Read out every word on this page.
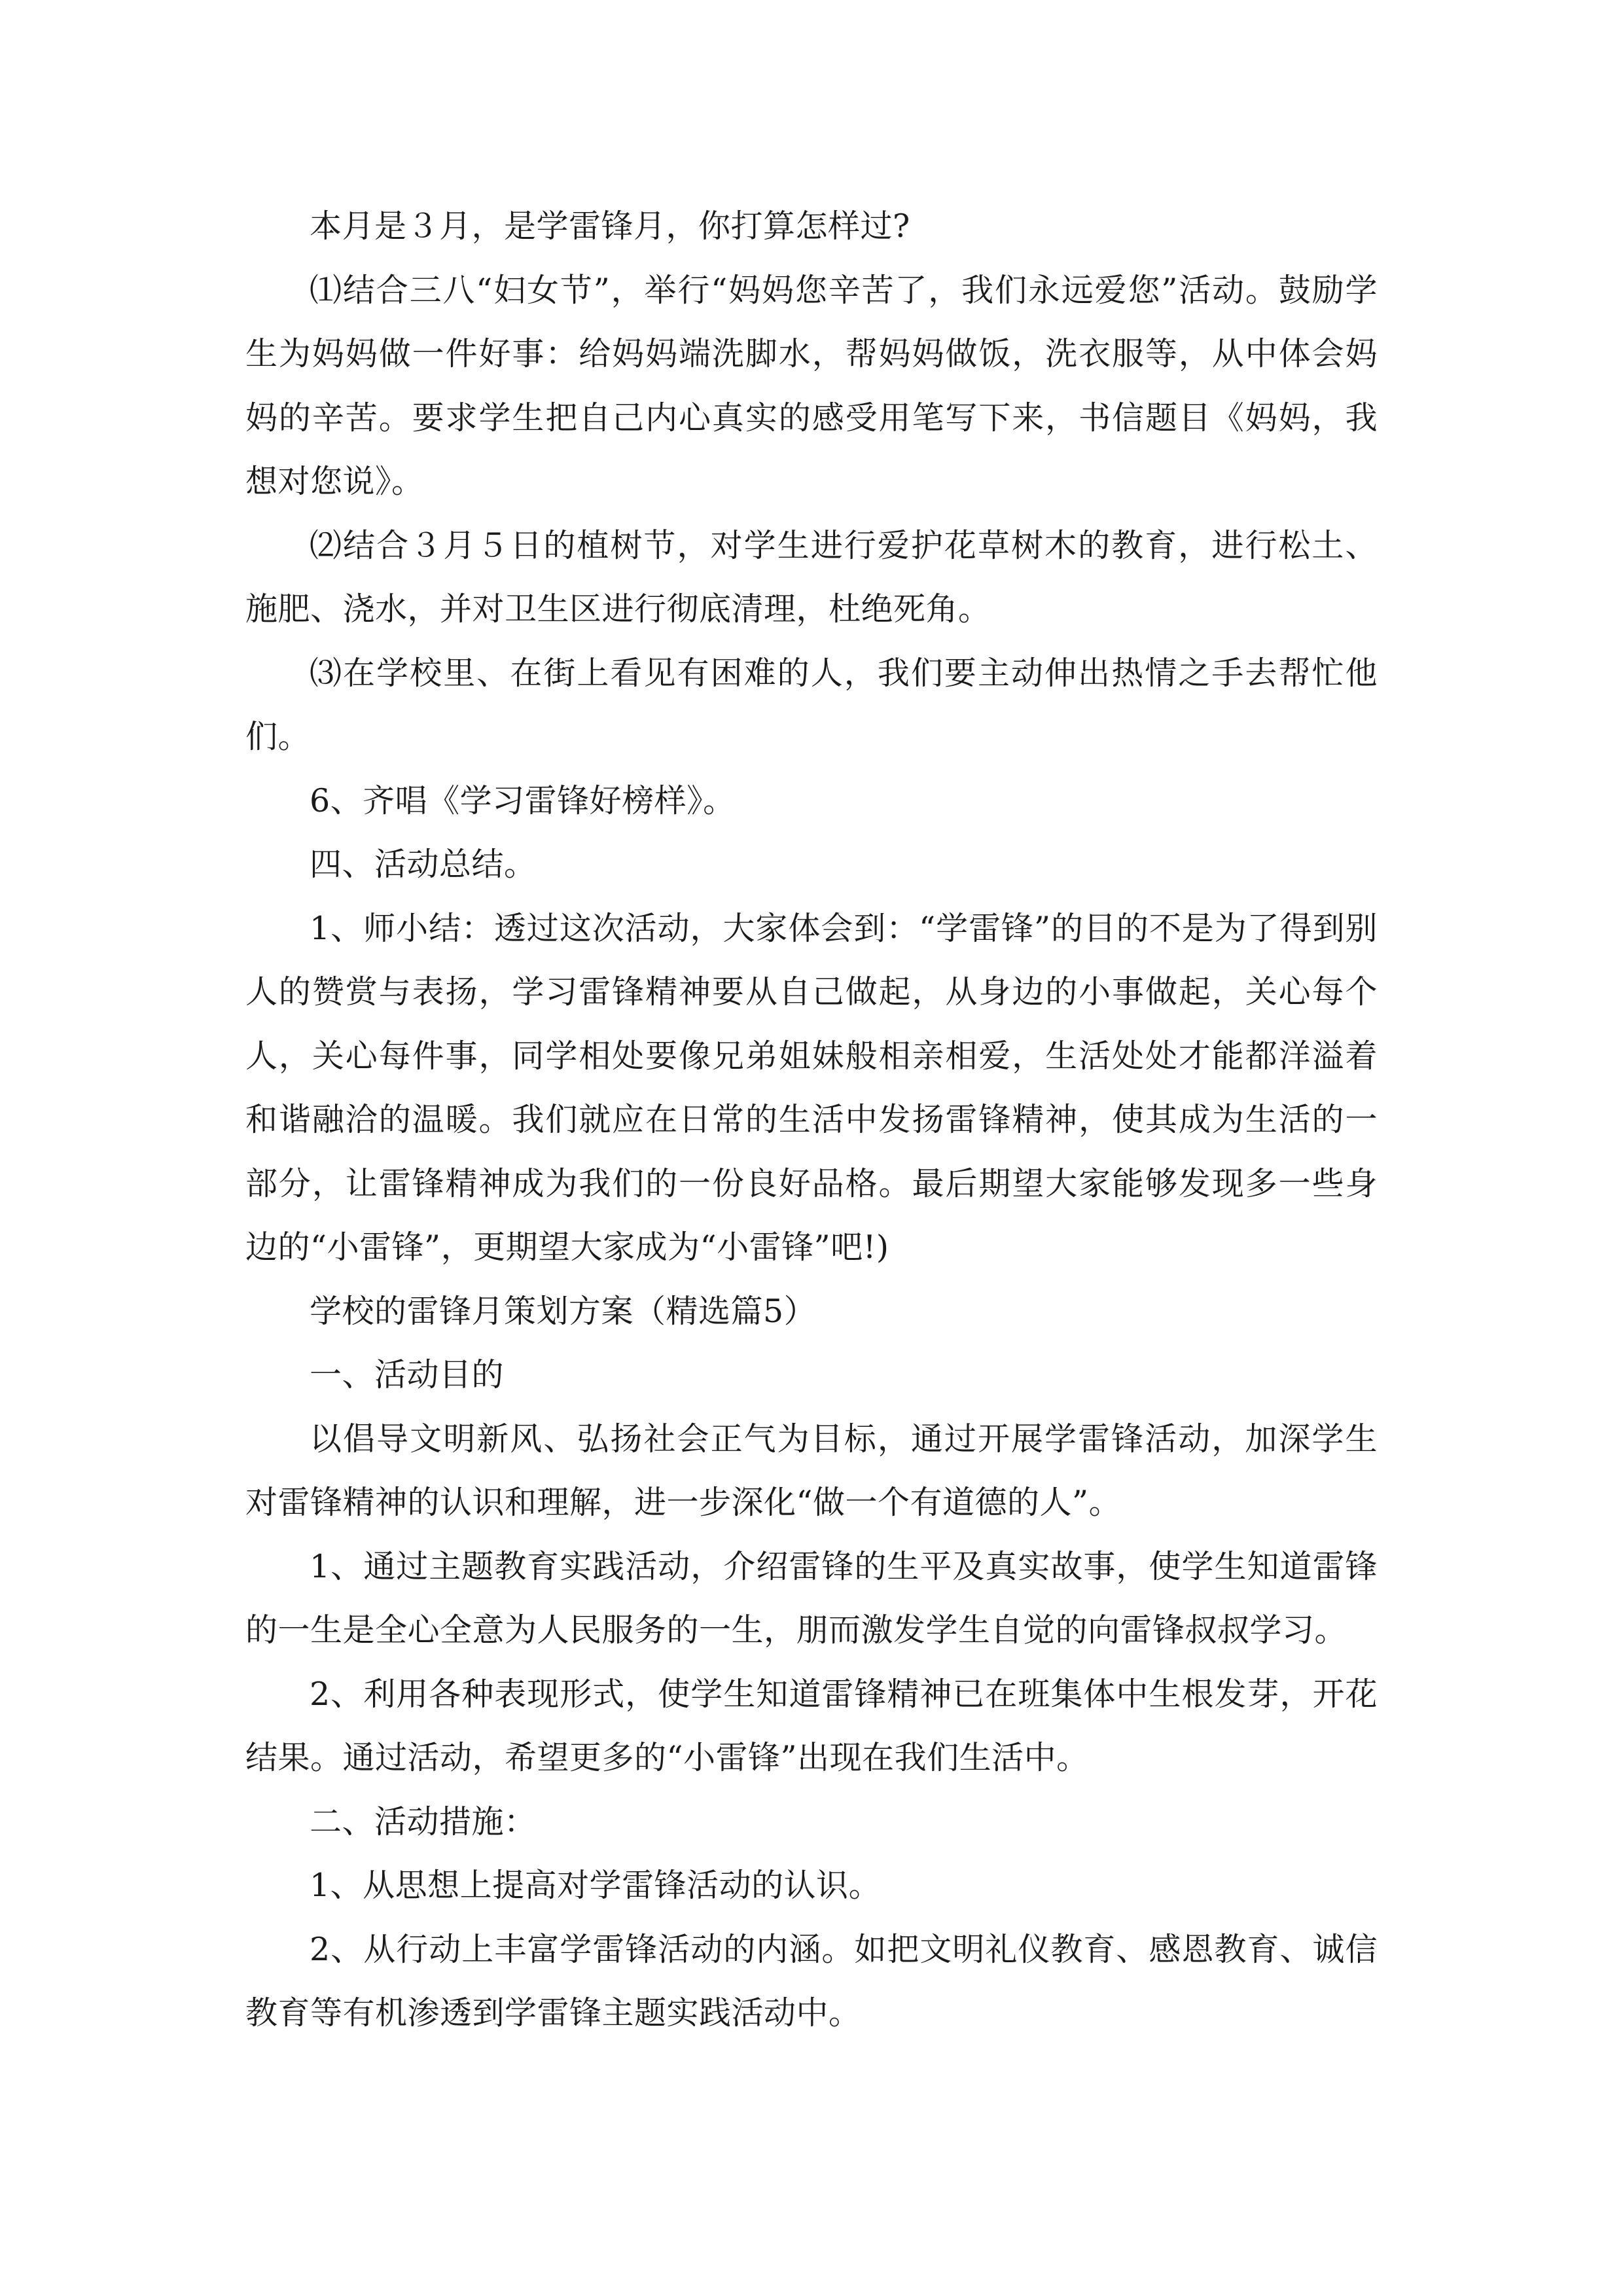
本月是３月，是学雷锋月，你打算怎样过?

⑴结合三八“妇女节”，举行“妈妈您辛苦了，我们永远爱您”活动。鼓励学生为妈妈做一件好事：给妈妈端洗脚水，帮妈妈做饭，洗衣服等，从中体会妈妈的辛苦。要求学生把自己内心真实的感受用笔写下来，书信题目《妈妈，我想对您说》。

⑵结合３月５日的植树节，对学生进行爱护花草树木的教育，进行松土、施肥、浇水，并对卫生区进行彻底清理，杜绝死角。

⑶在学校里、在街上看见有困难的人，我们要主动伸出热情之手去帮忙他们。

6、齐唱《学习雷锋好榜样》。

四、活动总结。

1、师小结：透过这次活动，大家体会到：“学雷锋”的目的不是为了得到别人的赞赏与表扬，学习雷锋精神要从自己做起，从身边的小事做起，关心每个人，关心每件事，同学相处要像兄弟姐妹般相亲相爱，生活处处才能都洋溢着和谐融洽的温暖。我们就应在日常的生活中发扬雷锋精神，使其成为生活的一部分，让雷锋精神成为我们的一份良好品格。最后期望大家能够发现多一些身边的“小雷锋”，更期望大家成为“小雷锋”吧!)

学校的雷锋月策划方案（精选篇5）

一、活动目的

以倡导文明新风、弘扬社会正气为目标，通过开展学雷锋活动，加深学生对雷锋精神的认识和理解，进一步深化“做一个有道德的人”。

1、通过主题教育实践活动，介绍雷锋的生平及真实故事，使学生知道雷锋的一生是全心全意为人民服务的一生，朋而激发学生自觉的向雷锋叔叔学习。

2、利用各种表现形式，使学生知道雷锋精神已在班集体中生根发芽，开花结果。通过活动，希望更多的“小雷锋”出现在我们生活中。

二、活动措施：

1、从思想上提高对学雷锋活动的认识。

2、从行动上丰富学雷锋活动的内涵。如把文明礼仪教育、感恩教育、诚信教育等有机渗透到学雷锋主题实践活动中。
